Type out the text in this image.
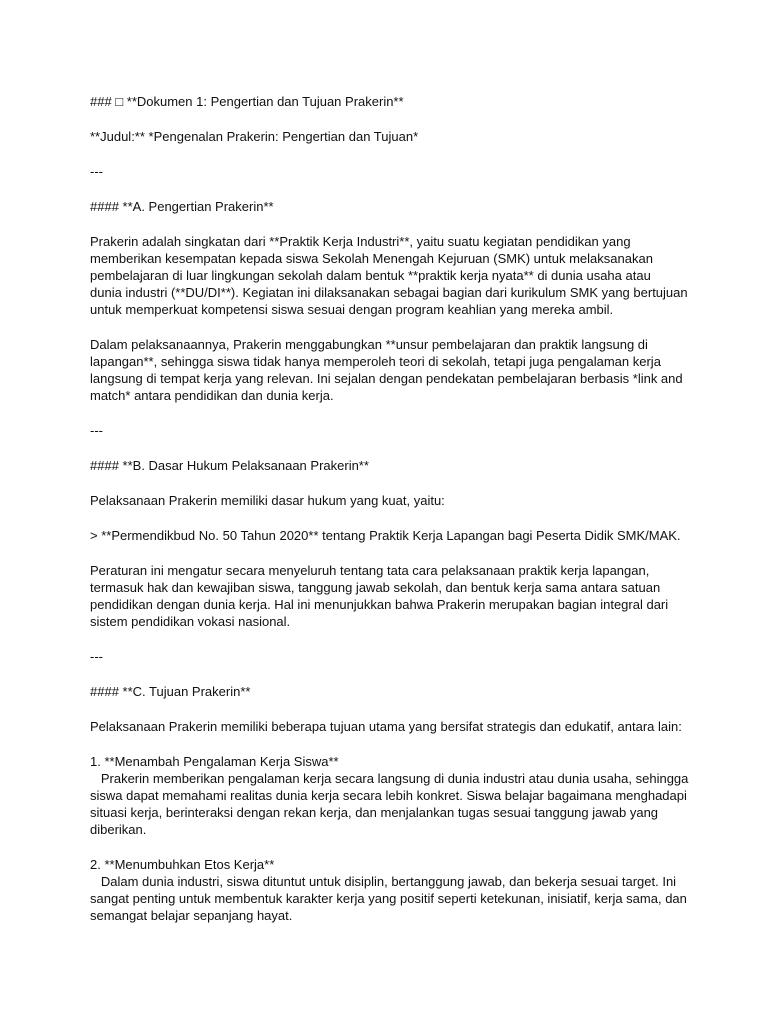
### □ **Dokumen 1: Pengertian dan Tujuan Prakerin**

**Judul:** *Pengenalan Prakerin: Pengertian dan Tujuan*

---

#### **A. Pengertian Prakerin**

Prakerin adalah singkatan dari **Praktik Kerja Industri**, yaitu suatu kegiatan pendidikan yang
memberikan kesempatan kepada siswa Sekolah Menengah Kejuruan (SMK) untuk melaksanakan
pembelajaran di luar lingkungan sekolah dalam bentuk **praktik kerja nyata** di dunia usaha atau
dunia industri (**DU/DI**). Kegiatan ini dilaksanakan sebagai bagian dari kurikulum SMK yang bertujuan
untuk memperkuat kompetensi siswa sesuai dengan program keahlian yang mereka ambil.

Dalam pelaksanaannya, Prakerin menggabungkan **unsur pembelajaran dan praktik langsung di
lapangan**, sehingga siswa tidak hanya memperoleh teori di sekolah, tetapi juga pengalaman kerja
langsung di tempat kerja yang relevan. Ini sejalan dengan pendekatan pembelajaran berbasis *link and
match* antara pendidikan dan dunia kerja.

---

#### **B. Dasar Hukum Pelaksanaan Prakerin**

Pelaksanaan Prakerin memiliki dasar hukum yang kuat, yaitu:

> **Permendikbud No. 50 Tahun 2020** tentang Praktik Kerja Lapangan bagi Peserta Didik SMK/MAK.

Peraturan ini mengatur secara menyeluruh tentang tata cara pelaksanaan praktik kerja lapangan,
termasuk hak dan kewajiban siswa, tanggung jawab sekolah, dan bentuk kerja sama antara satuan
pendidikan dengan dunia kerja. Hal ini menunjukkan bahwa Prakerin merupakan bagian integral dari
sistem pendidikan vokasi nasional.

---

#### **C. Tujuan Prakerin**

Pelaksanaan Prakerin memiliki beberapa tujuan utama yang bersifat strategis dan edukatif, antara lain:

1. **Menambah Pengalaman Kerja Siswa**

Prakerin memberikan pengalaman kerja secara langsung di dunia industri atau dunia usaha, sehingga
siswa dapat memahami realitas dunia kerja secara lebih konkret. Siswa belajar bagaimana menghadapi
situasi kerja, berinteraksi dengan rekan kerja, dan menjalankan tugas sesuai tanggung jawab yang
diberikan.

2. **Menumbuhkan Etos Kerja**

Dalam dunia industri, siswa dituntut untuk disiplin, bertanggung jawab, dan bekerja sesuai target. Ini
sangat penting untuk membentuk karakter kerja yang positif seperti ketekunan, inisiatif, kerja sama, dan
semangat belajar sepanjang hayat.
